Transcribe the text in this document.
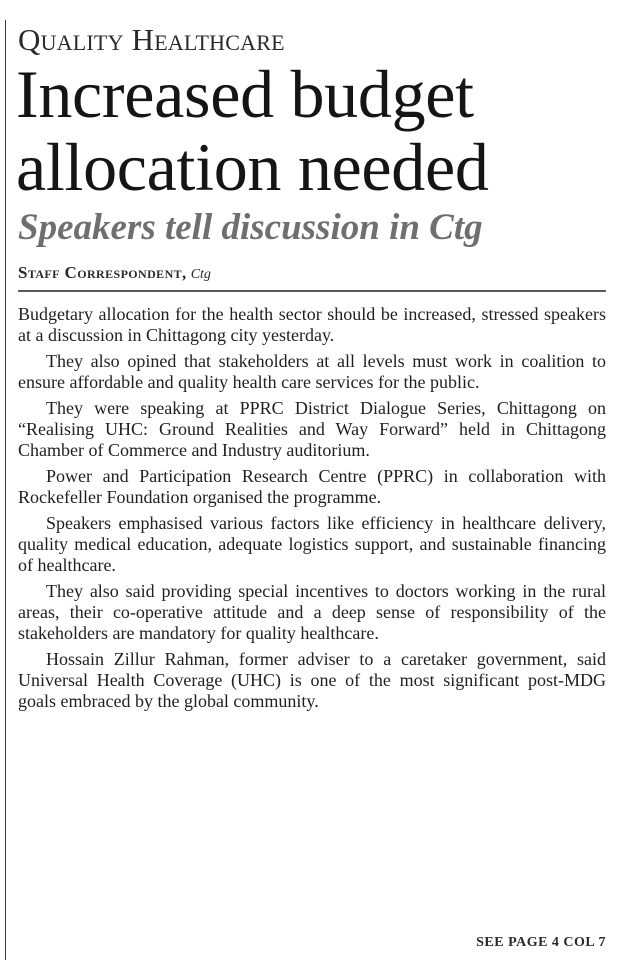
Quality Healthcare
Increased budget allocation needed
Speakers tell discussion in Ctg

Staff Correspondent, Ctg

Budgetary allocation for the health sector should be increased, stressed speakers at a discussion in Chittagong city yesterday.

They also opined that stakeholders at all levels must work in coalition to ensure affordable and quality health care services for the public.

They were speaking at PPRC District Dialogue Series, Chittagong on “Realising UHC: Ground Realities and Way Forward” held in Chittagong Chamber of Commerce and Industry auditorium.

Power and Participation Research Centre (PPRC) in collaboration with Rockefeller Foundation organised the programme.

Speakers emphasised various factors like efficiency in healthcare delivery, quality medical education, adequate logistics support, and sustainable financing of healthcare.

They also said providing special incentives to doctors working in the rural areas, their co-operative attitude and a deep sense of responsibility of the stakeholders are mandatory for quality healthcare.

Hossain Zillur Rahman, former adviser to a caretaker government, said Universal Health Coverage (UHC) is one of the most significant post-MDG goals embraced by the global community.

SEE PAGE 4 COL 7
